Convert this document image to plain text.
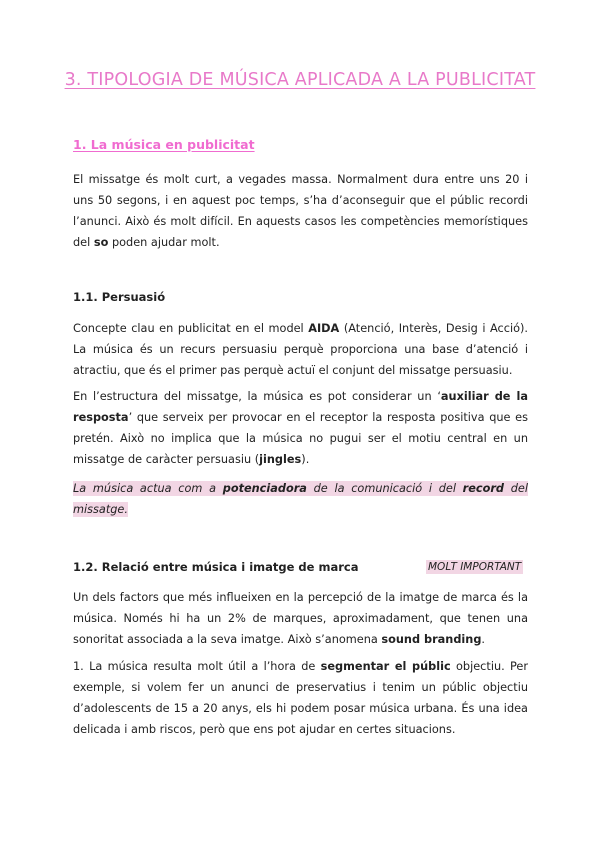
3. TIPOLOGIA DE MÚSICA APLICADA A LA PUBLICITAT
1. La música en publicitat
El missatge és molt curt, a vegades massa. Normalment dura entre uns 20 i uns 50 segons, i en aquest poc temps, s’ha d’aconseguir que el públic recordi l’anunci. Això és molt difícil. En aquests casos les competències memorístiques del so poden ajudar molt.
1.1. Persuasió
Concepte clau en publicitat en el model AIDA (Atenció, Interès, Desig i Acció). La música és un recurs persuasiu perquè proporciona una base d’atenció i atractiu, que és el primer pas perquè actuï el conjunt del missatge persuasiu.
En l’estructura del missatge, la música es pot considerar un ‘auxiliar de la resposta’ que serveix per provocar en el receptor la resposta positiva que es pretén. Això no implica que la música no pugui ser el motiu central en un missatge de caràcter persuasiu (jingles).
La música actua com a potenciadora de la comunicació i del record del missatge.
1.2. Relació entre música i imatge de marca	MOLT IMPORTANT
Un dels factors que més influeixen en la percepció de la imatge de marca és la música. Només hi ha un 2% de marques, aproximadament, que tenen una sonoritat associada a la seva imatge. Això s’anomena sound branding.
1. La música resulta molt útil a l’hora de segmentar el públic objectiu. Per exemple, si volem fer un anunci de preservatius i tenim un públic objectiu d’adolescents de 15 a 20 anys, els hi podem posar música urbana. És una idea delicada i amb riscos, però que ens pot ajudar en certes situacions.
